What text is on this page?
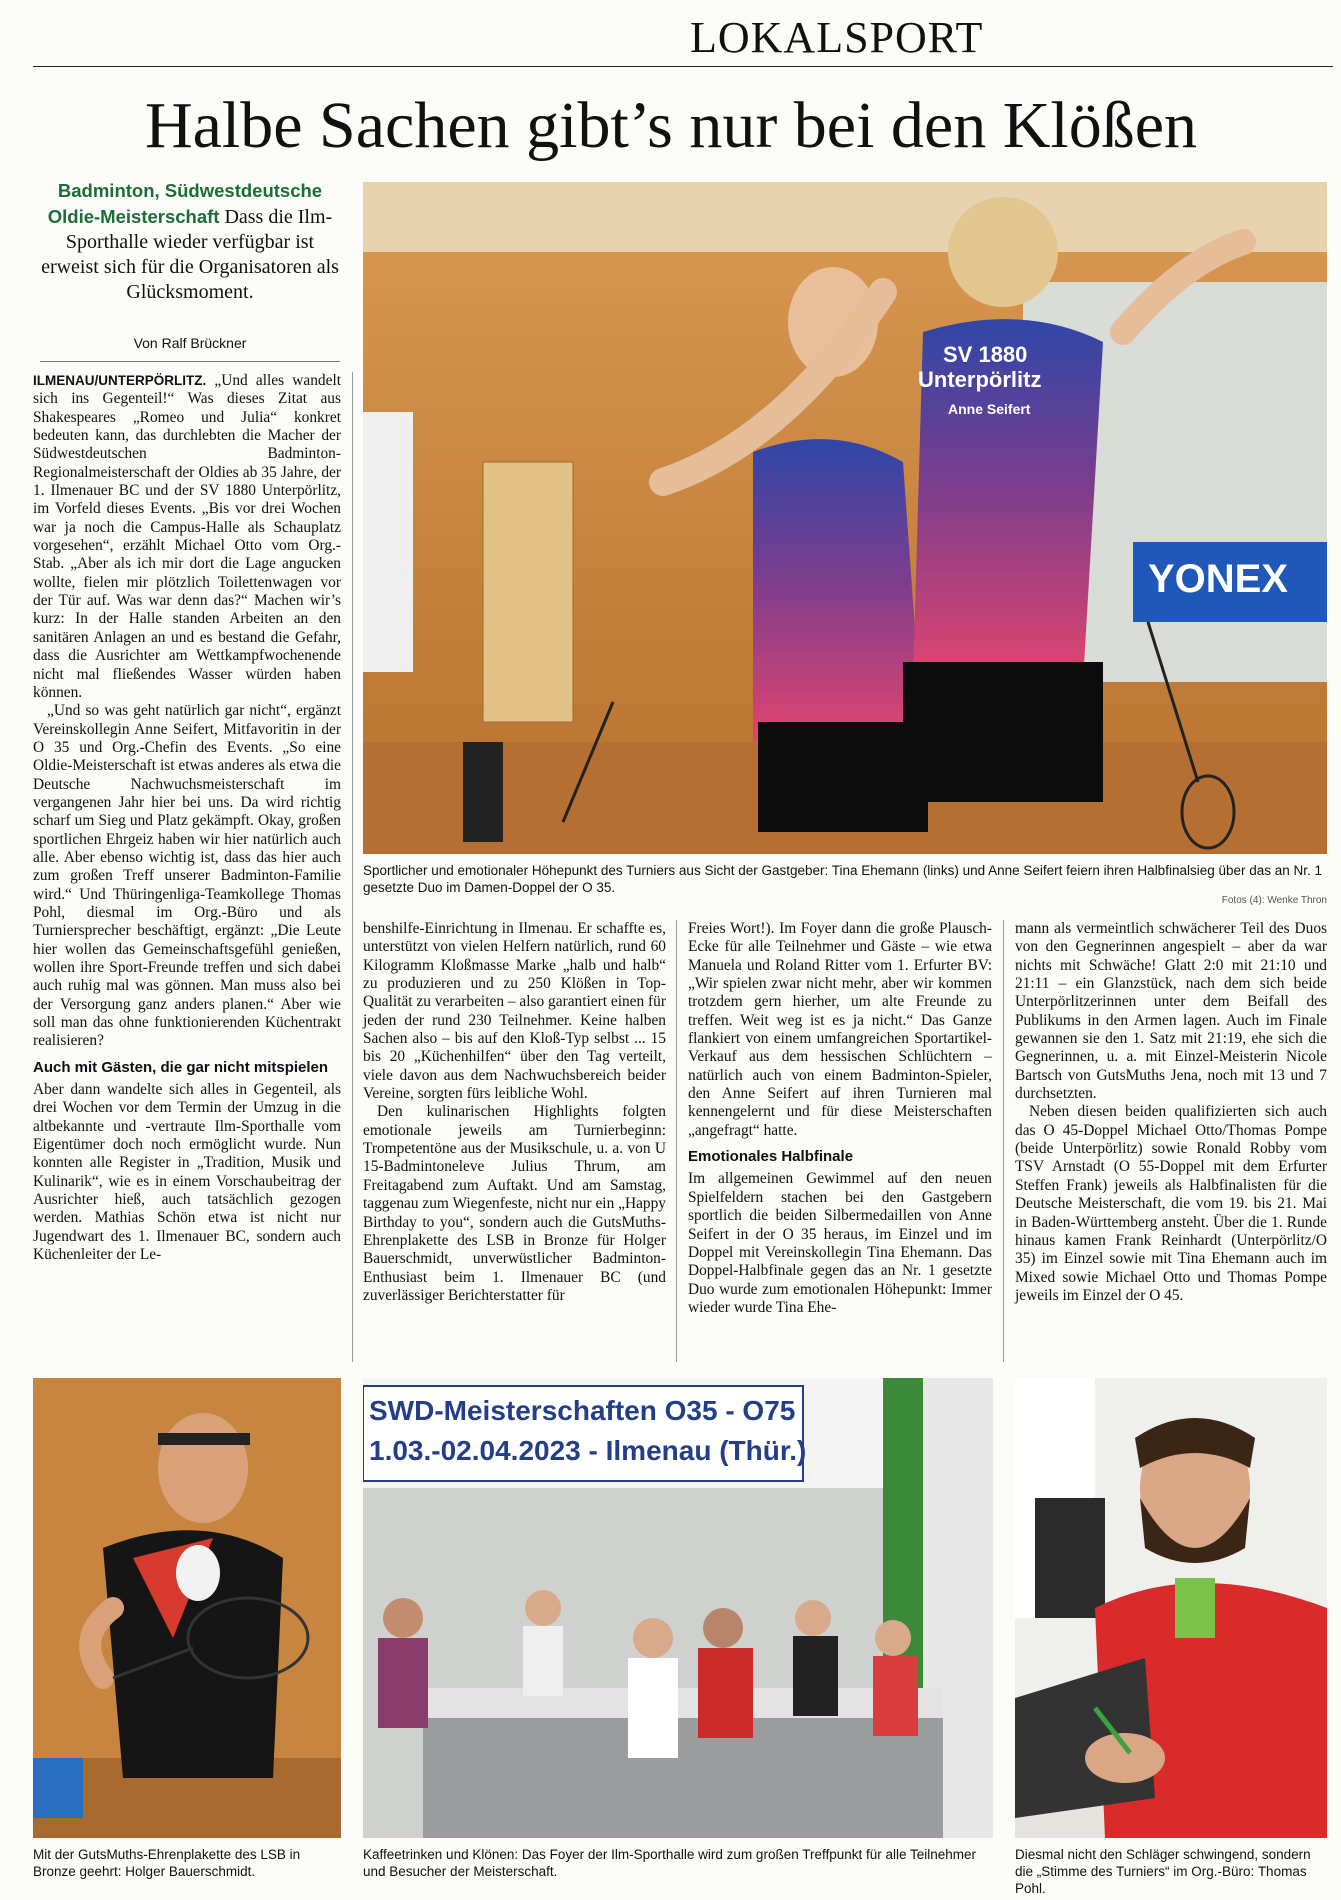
LOKALSPORT
Halbe Sachen gibt’s nur bei den Klößen
Badminton, Südwestdeutsche Oldie-Meisterschaft Dass die Ilm-Sporthalle wieder verfügbar ist erweist sich für die Organisatoren als Glücksmoment.
Von Ralf Brückner
YONEX
SV 1880
Unterpörlitz
Anne Seifert
Sportlicher und emotionaler Höhepunkt des Turniers aus Sicht der Gastgeber: Tina Ehemann (links) und Anne Seifert feiern ihren Halbfinalsieg über das an Nr. 1 gesetzte Duo im Damen-Doppel der O 35.
Fotos (4): Wenke Thron

ILMENAU/UNTERPÖRLITZ. „Und alles wandelt sich ins Gegenteil!“ Was dieses Zitat aus Shakespeares „Romeo und Julia“ konkret bedeuten kann, das durchlebten die Macher der Südwestdeutschen Badminton-Regionalmeisterschaft der Oldies ab 35 Jahre, der 1. Ilmenauer BC und der SV 1880 Unterpörlitz, im Vorfeld dieses Events. „Bis vor drei Wochen war ja noch die Campus-Halle als Schauplatz vorgesehen“, erzählt Michael Otto vom Org.-Stab. „Aber als ich mir dort die Lage angucken wollte, fielen mir plötzlich Toilettenwagen vor der Tür auf. Was war denn das?“ Machen wir’s kurz: In der Halle standen Arbeiten an den sanitären Anlagen an und es bestand die Gefahr, dass die Ausrichter am Wettkampfwochenende nicht mal fließendes Wasser würden haben können.

„Und so was geht natürlich gar nicht“, ergänzt Vereinskollegin Anne Seifert, Mitfavoritin in der O 35 und Org.-Chefin des Events. „So eine Oldie-Meisterschaft ist etwas anderes als etwa die Deutsche Nachwuchsmeisterschaft im vergangenen Jahr hier bei uns. Da wird richtig scharf um Sieg und Platz gekämpft. Okay, großen sportlichen Ehrgeiz haben wir hier natürlich auch alle. Aber ebenso wichtig ist, dass das hier auch zum großen Treff unserer Badminton-Familie wird.“ Und Thüringenliga-Teamkollege Thomas Pohl, diesmal im Org.-Büro und als Turniersprecher beschäftigt, ergänzt: „Die Leute hier wollen das Gemeinschaftsgefühl genießen, wollen ihre Sport-Freunde treffen und sich dabei auch ruhig mal was gönnen. Man muss also bei der Versorgung ganz anders planen.“ Aber wie soll man das ohne funktionierenden Küchentrakt realisieren?

Auch mit Gästen, die gar nicht mitspielen

Aber dann wandelte sich alles in Gegenteil, als drei Wochen vor dem Termin der Umzug in die altbekannte und -vertraute Ilm-Sporthalle vom Eigentümer doch noch ermöglicht wurde. Nun konnten alle Register in „Tradition, Musik und Kulinarik“, wie es in einem Vorschaubeitrag der Ausrichter hieß, auch tatsächlich gezogen werden. Mathias Schön etwa ist nicht nur Jugendwart des 1. Ilmenauer BC, sondern auch Küchenleiter der Le-

benshilfe-Einrichtung in Ilmenau. Er schaffte es, unterstützt von vielen Helfern natürlich, rund 60 Kilogramm Kloßmasse Marke „halb und halb“ zu produzieren und zu 250 Klößen in Top-Qualität zu verarbeiten – also garantiert einen für jeden der rund 230 Teilnehmer. Keine halben Sachen also – bis auf den Kloß-Typ selbst ... 15 bis 20 „Küchenhilfen“ über den Tag verteilt, viele davon aus dem Nachwuchsbereich beider Vereine, sorgten fürs leibliche Wohl.

Den kulinarischen Highlights folgten emotionale jeweils am Turnierbeginn: Trompetentöne aus der Musikschule, u. a. von U 15-Badmintoneleve Julius Thrum, am Freitagabend zum Auftakt. Und am Samstag, taggenau zum Wiegenfeste, nicht nur ein „Happy Birthday to you“, sondern auch die GutsMuths-Ehrenplakette des LSB in Bronze für Holger Bauerschmidt, unverwüstlicher Badminton-Enthusiast beim 1. Ilmenauer BC (und zuverlässiger Berichterstatter für

Freies Wort!). Im Foyer dann die große Plausch-Ecke für alle Teilnehmer und Gäste – wie etwa Manuela und Roland Ritter vom 1. Erfurter BV: „Wir spielen zwar nicht mehr, aber wir kommen trotzdem gern hierher, um alte Freunde zu treffen. Weit weg ist es ja nicht.“ Das Ganze flankiert von einem umfangreichen Sportartikel-Verkauf aus dem hessischen Schlüchtern – natürlich auch von einem Badminton-Spieler, den Anne Seifert auf ihren Turnieren mal kennengelernt und für diese Meisterschaften „angefragt“ hatte.

Emotionales Halbfinale

Im allgemeinen Gewimmel auf den neuen Spielfeldern stachen bei den Gastgebern sportlich die beiden Silbermedaillen von Anne Seifert in der O 35 heraus, im Einzel und im Doppel mit Vereinskollegin Tina Ehemann. Das Doppel-Halbfinale gegen das an Nr. 1 gesetzte Duo wurde zum emotionalen Höhepunkt: Immer wieder wurde Tina Ehe-

mann als vermeintlich schwächerer Teil des Duos von den Gegnerinnen angespielt – aber da war nichts mit Schwäche! Glatt 2:0 mit 21:10 und 21:11 – ein Glanzstück, nach dem sich beide Unterpörlitzerinnen unter dem Beifall des Publikums in den Armen lagen. Auch im Finale gewannen sie den 1. Satz mit 21:19, ehe sich die Gegnerinnen, u. a. mit Einzel-Meisterin Nicole Bartsch von GutsMuths Jena, noch mit 13 und 7 durchsetzten.

Neben diesen beiden qualifizierten sich auch das O 45-Doppel Michael Otto/Thomas Pompe (beide Unterpörlitz) sowie Ronald Robby vom TSV Arnstadt (O 55-Doppel mit dem Erfurter Steffen Frank) jeweils als Halbfinalisten für die Deutsche Meisterschaft, die vom 19. bis 21. Mai in Baden-Württemberg ansteht. Über die 1. Runde hinaus kamen Frank Reinhardt (Unterpörlitz/O 35) im Einzel sowie mit Tina Ehemann auch im Mixed sowie Michael Otto und Thomas Pompe jeweils im Einzel der O 45.

Mit der GutsMuths-Ehrenplakette des LSB in Bronze geehrt: Holger Bauerschmidt.
SWD-Meisterschaften O35 - O75
1.03.-02.04.2023 - Ilmenau (Thür.)
Kaffeetrinken und Klönen: Das Foyer der Ilm-Sporthalle wird zum großen Treffpunkt für alle Teilnehmer und Besucher der Meisterschaft.
Diesmal nicht den Schläger schwingend, sondern die „Stimme des Turniers“ im Org.-Büro: Thomas Pohl.
